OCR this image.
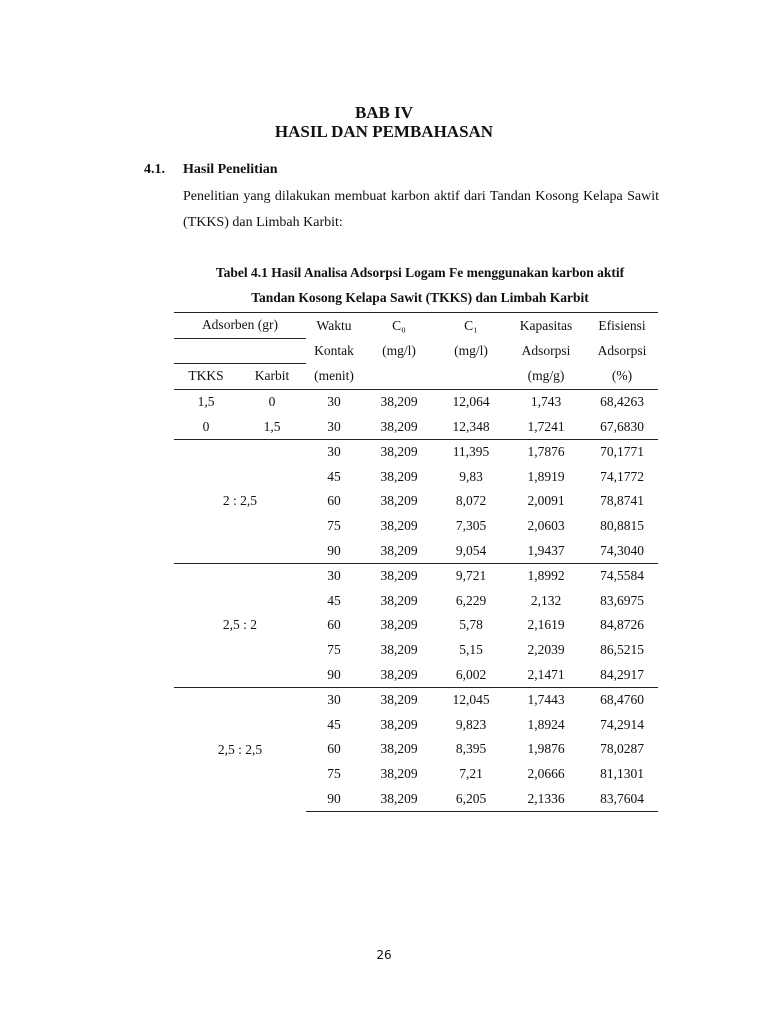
BAB IV
HASIL DAN PEMBAHASAN
4.1. Hasil Penelitian
Penelitian yang dilakukan membuat karbon aktif dari Tandan Kosong Kelapa Sawit (TKKS) dan Limbah Karbit:
Tabel 4.1 Hasil Analisa Adsorpsi Logam Fe menggunakan karbon aktif
Tandan Kosong Kelapa Sawit (TKKS) dan Limbah Karbit
Adsorben (gr)		Waktu	C₀	C₁	Kapasitas	Efisiensi
		Kontak	(mg/l)	(mg/l)	Adsorpsi	Adsorpsi
TKKS	Karbit	(menit)			(mg/g)	(%)
1,5	0	30	38,209	12,064	1,743	68,4263
0	1,5	30	38,209	12,348	1,7241	67,6830
2 : 2,5		30	38,209	11,395	1,7876	70,1771
		45	38,209	9,83	1,8919	74,1772
		60	38,209	8,072	2,0091	78,8741
		75	38,209	7,305	2,0603	80,8815
		90	38,209	9,054	1,9437	74,3040
2,5 : 2		30	38,209	9,721	1,8992	74,5584
		45	38,209	6,229	2,132	83,6975
		60	38,209	5,78	2,1619	84,8726
		75	38,209	5,15	2,2039	86,5215
		90	38,209	6,002	2,1471	84,2917
2,5 : 2,5		30	38,209	12,045	1,7443	68,4760
		45	38,209	9,823	1,8924	74,2914
		60	38,209	8,395	1,9876	78,0287
		75	38,209	7,21	2,0666	81,1301
		90	38,209	6,205	2,1336	83,7604
26
